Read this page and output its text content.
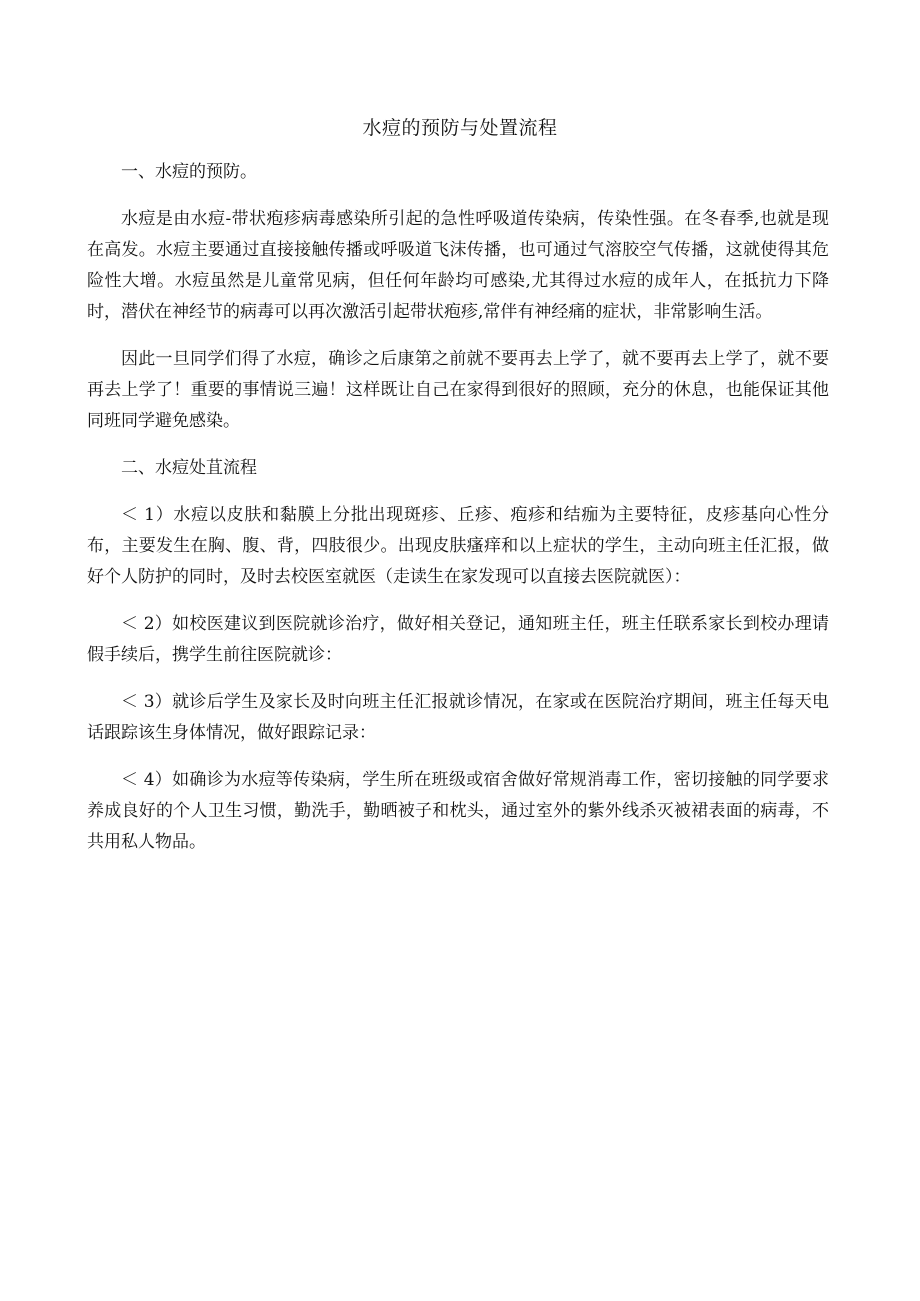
水痘的预防与处置流程

一、水痘的预防。

水痘是由水痘-带状疱疹病毒感染所引起的急性呼吸道传染病，传染性强。在冬春季,也就是现在高发。水痘主要通过直接接触传播或呼吸道飞沫传播，也可通过气溶胶空气传播，这就使得其危险性大增。水痘虽然是儿童常见病，但任何年龄均可感染,尤其得过水痘的成年人，在抵抗力下降时，潜伏在神经节的病毒可以再次激活引起带状疱疹,常伴有神经痛的症状，非常影响生活。

因此一旦同学们得了水痘，确诊之后康第之前就不要再去上学了，就不要再去上学了，就不要再去上学了！重要的事情说三遍！这样既让自己在家得到很好的照顾，充分的休息，也能保证其他同班同学避免感染。

二、水痘处苴流程

＜ 1）水痘以皮肤和黏膜上分批出现斑疹、丘疹、疱疹和结痂为主要特征，皮疹基向心性分布，主要发生在胸、腹、背，四肢很少。出现皮肤瘙痒和以上症状的学生，主动向班主任汇报，做好个人防护的同时，及时去校医室就医（走读生在家发现可以直接去医院就医）：

＜ 2）如校医建议到医院就诊治疗，做好相关登记，通知班主任，班主任联系家长到校办理请假手续后，携学生前往医院就诊：

＜ 3）就诊后学生及家长及时向班主任汇报就诊情况，在家或在医院治疗期间，班主任每天电话跟踪该生身体情况，做好跟踪记录：

＜ 4）如确诊为水痘等传染病，学生所在班级或宿舍做好常规消毒工作，密切接触的同学要求养成良好的个人卫生习惯，勤洗手，勤晒被子和枕头，通过室外的紫外线杀灭被裙表面的病毒，不共用私人物品。
